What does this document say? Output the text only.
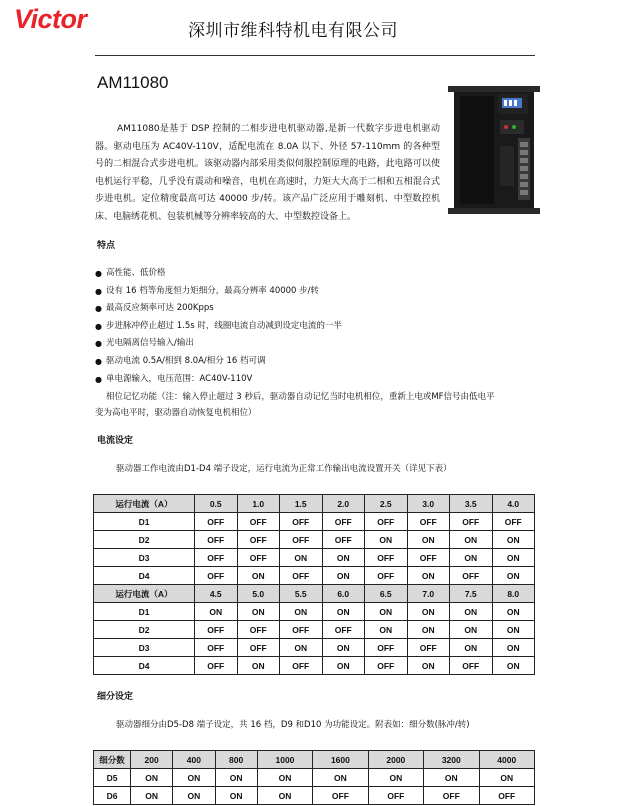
Victor	深圳市维科特机电有限公司
AM11080
AM11080是基于 DSP 控制的二相步进电机驱动器,是新一代数字步进电机驱动器。驱动电压为 AC40V-110V，适配电流在 8.0A 以下、外径 57-110mm 的各种型号的二相混合式步进电机。该驱动器内部采用类似伺服控制原理的电路，此电路可以使电机运行平稳，几乎没有震动和噪音，电机在高速时，力矩大大高于二相和五相混合式步进电机。定位精度最高可达 40000 步/转。该产品广泛应用于雕刻机、中型数控机床、电脑绣花机、包装机械等分辨率较高的大、中型数控设备上。
特点
● 高性能、低价格
● 设有 16 档等角度恒力矩细分，最高分辨率 40000 步/转
● 最高反应频率可达 200Kpps
● 步进脉冲停止超过 1.5s 时，线圈电流自动减到设定电流的一半
● 光电隔离信号输入/输出
● 驱动电流 0.5A/相到 8.0A/相分 16 档可调
● 单电源输入，电压范围：AC40V-110V
相位记忆功能（注：输入停止超过 3 秒后，驱动器自动记忆当时电机相位，重新上电或MF信号由低电平
变为高电平时，驱动器自动恢复电机相位）
电流设定
驱动器工作电流由D1-D4 端子设定，运行电流为正常工作输出电流设置开关（详见下表）
运行电流（A）	0.5	1.0	1.5	2.0	2.5	3.0	3.5	4.0
D1	OFF	OFF	OFF	OFF	OFF	OFF	OFF	OFF
D2	OFF	OFF	OFF	OFF	ON	ON	ON	ON
D3	OFF	OFF	ON	ON	OFF	OFF	ON	ON
D4	OFF	ON	OFF	ON	OFF	ON	OFF	ON
运行电流（A）	4.5	5.0	5.5	6.0	6.5	7.0	7.5	8.0
D1	ON	ON	ON	ON	ON	ON	ON	ON
D2	OFF	OFF	OFF	OFF	ON	ON	ON	ON
D3	OFF	OFF	ON	ON	OFF	OFF	ON	ON
D4	OFF	ON	OFF	ON	OFF	ON	OFF	ON
细分设定
驱动器细分由D5-D8 端子设定，共 16 档，D9 和D10 为功能设定。附表如：细分数(脉冲/转)
细分数	200	400	800	1000	1600	2000	3200	4000
D5	ON	ON	ON	ON	ON	ON	ON	ON
D6	ON	ON	ON	ON	OFF	OFF	OFF	OFF
